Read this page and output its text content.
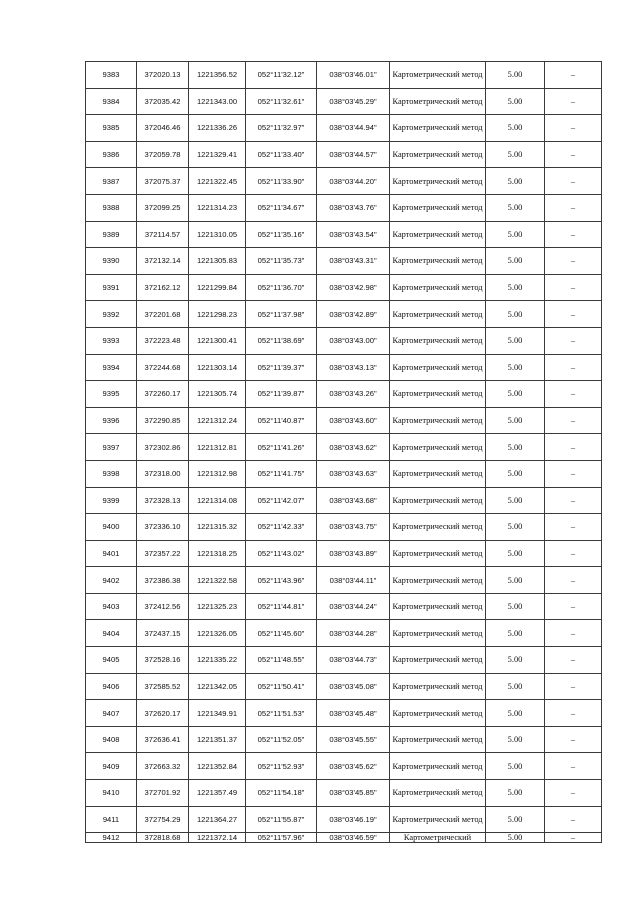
9383	372020.13	1221356.52	052°11'32.12"	038°03'46.01"	Картометрический метод	5.00	–
9384	372035.42	1221343.00	052°11'32.61"	038°03'45.29"	Картометрический метод	5.00	–
9385	372046.46	1221336.26	052°11'32.97"	038°03'44.94"	Картометрический метод	5.00	–
9386	372059.78	1221329.41	052°11'33.40"	038°03'44.57"	Картометрический метод	5.00	–
9387	372075.37	1221322.45	052°11'33.90"	038°03'44.20"	Картометрический метод	5.00	–
9388	372099.25	1221314.23	052°11'34.67"	038°03'43.76"	Картометрический метод	5.00	–
9389	372114.57	1221310.05	052°11'35.16"	038°03'43.54"	Картометрический метод	5.00	–
9390	372132.14	1221305.83	052°11'35.73"	038°03'43.31"	Картометрический метод	5.00	–
9391	372162.12	1221299.84	052°11'36.70"	038°03'42.98"	Картометрический метод	5.00	–
9392	372201.68	1221298.23	052°11'37.98"	038°03'42.89"	Картометрический метод	5.00	–
9393	372223.48	1221300.41	052°11'38.69"	038°03'43.00"	Картометрический метод	5.00	–
9394	372244.68	1221303.14	052°11'39.37"	038°03'43.13"	Картометрический метод	5.00	–
9395	372260.17	1221305.74	052°11'39.87"	038°03'43.26"	Картометрический метод	5.00	–
9396	372290.85	1221312.24	052°11'40.87"	038°03'43.60"	Картометрический метод	5.00	–
9397	372302.86	1221312.81	052°11'41.26"	038°03'43.62"	Картометрический метод	5.00	–
9398	372318.00	1221312.98	052°11'41.75"	038°03'43.63"	Картометрический метод	5.00	–
9399	372328.13	1221314.08	052°11'42.07"	038°03'43.68"	Картометрический метод	5.00	–
9400	372336.10	1221315.32	052°11'42.33"	038°03'43.75"	Картометрический метод	5.00	–
9401	372357.22	1221318.25	052°11'43.02"	038°03'43.89"	Картометрический метод	5.00	–
9402	372386.38	1221322.58	052°11'43.96"	038°03'44.11"	Картометрический метод	5.00	–
9403	372412.56	1221325.23	052°11'44.81"	038°03'44.24"	Картометрический метод	5.00	–
9404	372437.15	1221326.05	052°11'45.60"	038°03'44.28"	Картометрический метод	5.00	–
9405	372528.16	1221335.22	052°11'48.55"	038°03'44.73"	Картометрический метод	5.00	–
9406	372585.52	1221342.05	052°11'50.41"	038°03'45.08"	Картометрический метод	5.00	–
9407	372620.17	1221349.91	052°11'51.53"	038°03'45.48"	Картометрический метод	5.00	–
9408	372636.41	1221351.37	052°11'52.05"	038°03'45.55"	Картометрический метод	5.00	–
9409	372663.32	1221352.84	052°11'52.93"	038°03'45.62"	Картометрический метод	5.00	–
9410	372701.92	1221357.49	052°11'54.18"	038°03'45.85"	Картометрический метод	5.00	–
9411	372754.29	1221364.27	052°11'55.87"	038°03'46.19"	Картометрический метод	5.00	–
9412	372818.68	1221372.14	052°11'57.96"	038°03'46.59"	Картометрический	5.00	–
